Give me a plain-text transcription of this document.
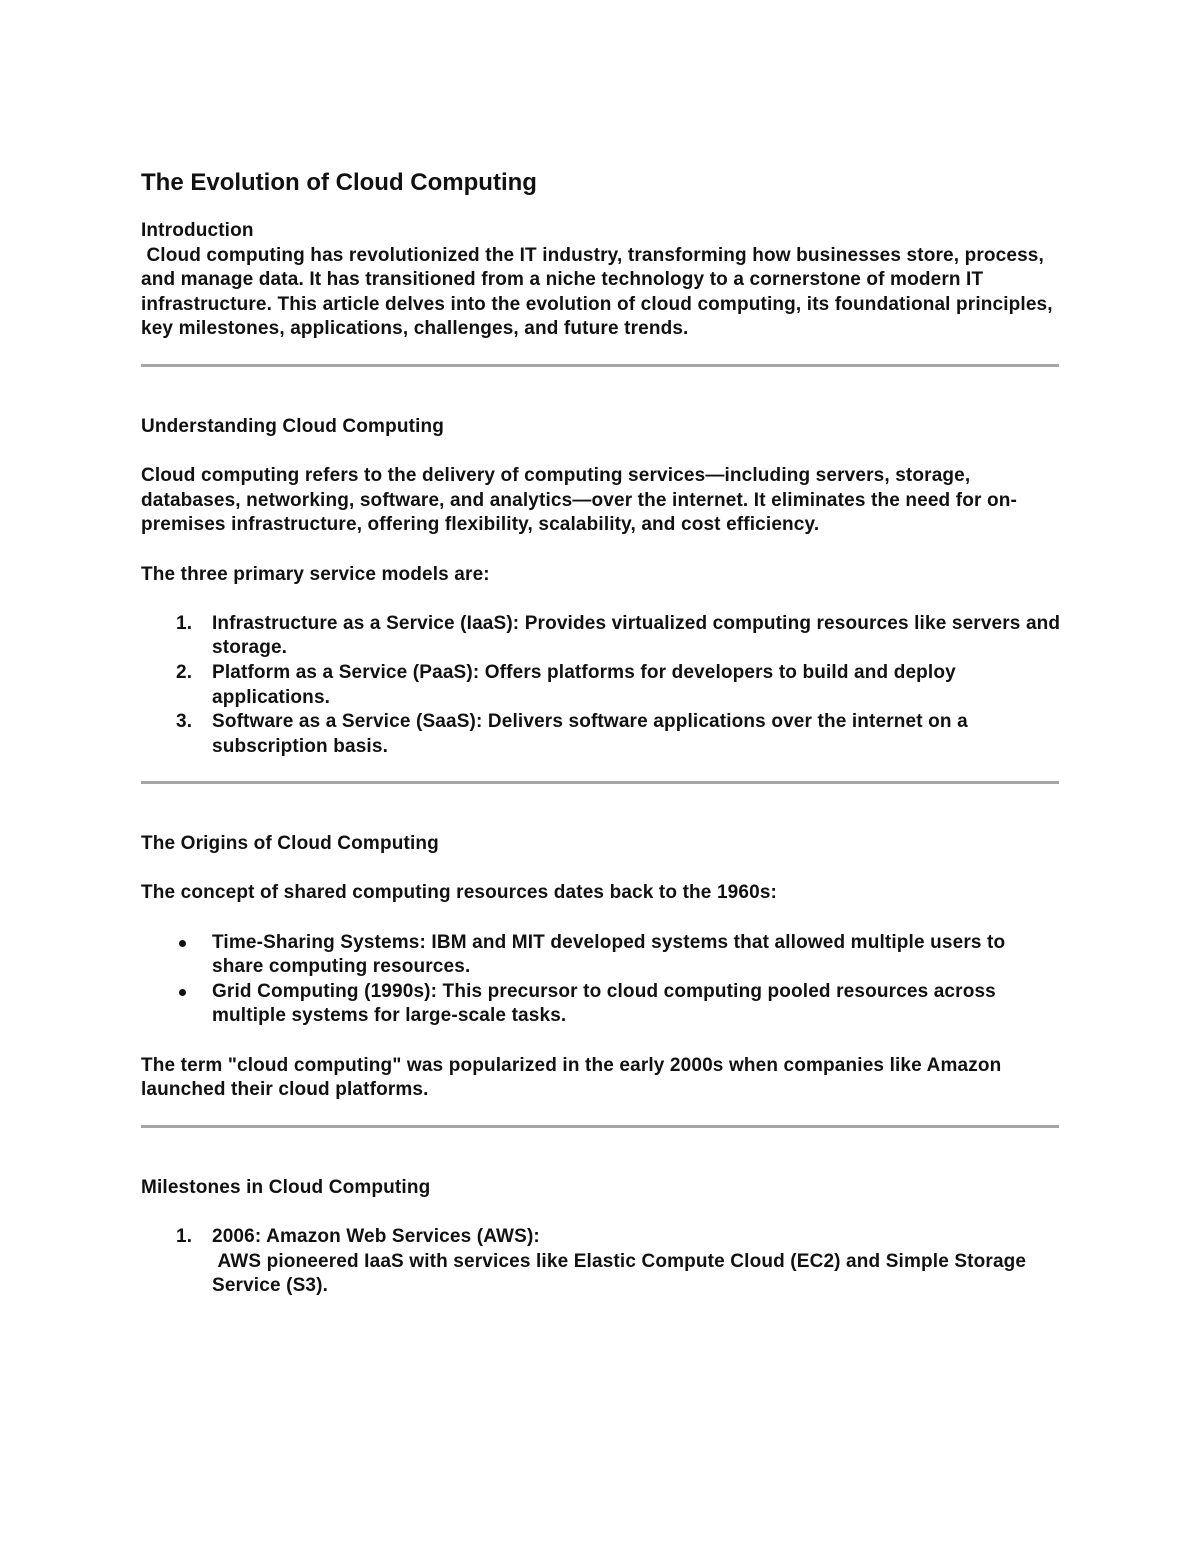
The Evolution of Cloud Computing

Introduction

Cloud computing has revolutionized the IT industry, transforming how businesses store, process, and manage data. It has transitioned from a niche technology to a cornerstone of modern IT infrastructure. This article delves into the evolution of cloud computing, its foundational principles, key milestones, applications, challenges, and future trends.

Understanding Cloud Computing

Cloud computing refers to the delivery of computing services—including servers, storage, databases, networking, software, and analytics—over the internet. It eliminates the need for on-premises infrastructure, offering flexibility, scalability, and cost efficiency.

The three primary service models are:

1. Infrastructure as a Service (IaaS): Provides virtualized computing resources like servers and storage.
2. Platform as a Service (PaaS): Offers platforms for developers to build and deploy applications.
3. Software as a Service (SaaS): Delivers software applications over the internet on a subscription basis.

The Origins of Cloud Computing

The concept of shared computing resources dates back to the 1960s:

Time-Sharing Systems: IBM and MIT developed systems that allowed multiple users to share computing resources.
Grid Computing (1990s): This precursor to cloud computing pooled resources across multiple systems for large-scale tasks.

The term "cloud computing" was popularized in the early 2000s when companies like Amazon launched their cloud platforms.

Milestones in Cloud Computing

1. 2006: Amazon Web Services (AWS):
AWS pioneered IaaS with services like Elastic Compute Cloud (EC2) and Simple Storage Service (S3).
